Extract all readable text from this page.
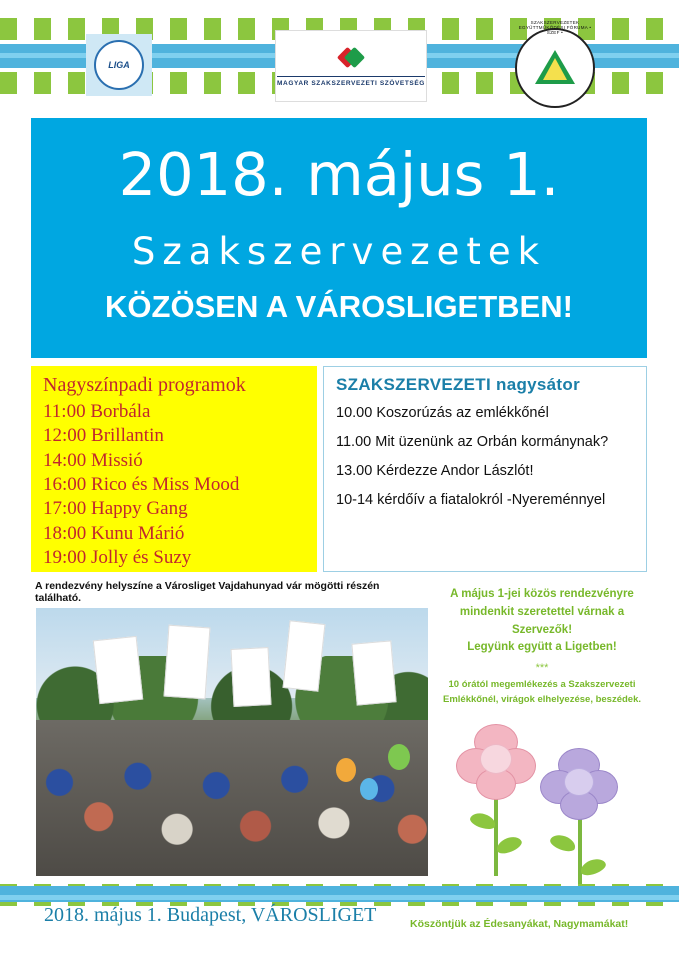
LIGA
MAGYAR SZAKSZERVEZETI SZÖVETSÉG
SZAKSZERVEZETEK EGYÜTTMŰKÖDÉSI FÓRUMA • SZEF •
2018. május 1.
Szakszervezetek
KÖZÖSEN A VÁROSLIGETBEN!
Nagyszínpadi programok
11:00 Borbála
12:00 Brillantin
14:00 Missió
16:00 Rico és Miss Mood
17:00 Happy Gang
18:00 Kunu Márió
19:00 Jolly és Suzy
SZAKSZERVEZETI nagysátor
10.00 Koszorúzás az emlékkőnél
11.00 Mit üzenünk az Orbán kormánynak?
13.00 Kérdezze Andor Lászlót!
10-14 kérdőív a fiatalokról -Nyereménnyel
A rendezvény helyszíne a Városliget Vajdahunyad vár mögötti részén található.	A május 1-jei közös rendezvényre
mindenkit szeretettel várnak a
Szervezők!
Legyünk együtt a Ligetben!
***
10 órától megemlékezés a Szakszervezeti
Emlékkőnél, virágok elhelyezése, beszédek.
2018. május 1. Budapest, VÁROSLIGET	Köszöntjük az Édesanyákat, Nagymamákat!
